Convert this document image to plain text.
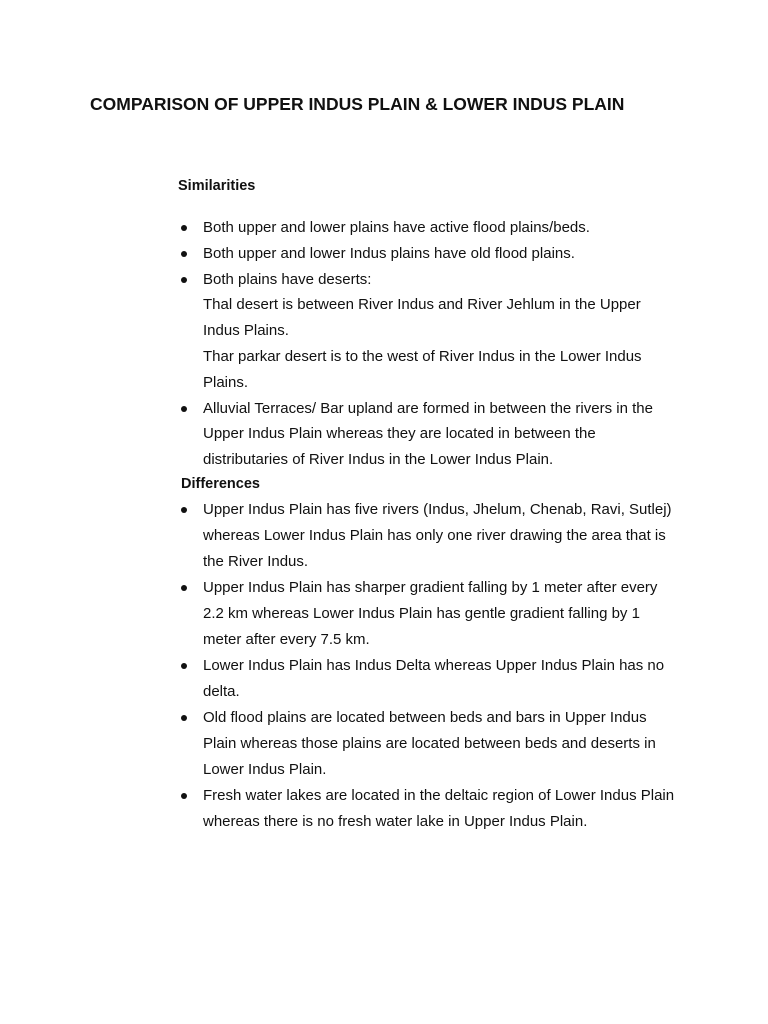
COMPARISON OF UPPER INDUS PLAIN & LOWER INDUS PLAIN
Similarities
Both upper and lower plains have active flood plains/beds.
Both upper and lower Indus plains have old flood plains.
Both plains have deserts:
Thal desert is between River Indus and River Jehlum in the Upper Indus Plains.
Thar parkar desert is to the west of River Indus in the Lower Indus Plains.
Alluvial Terraces/ Bar upland are formed in between the rivers in the Upper Indus Plain whereas they are located in between the distributaries of River Indus in the Lower Indus Plain.
Differences
Upper Indus Plain has five rivers (Indus, Jhelum, Chenab, Ravi, Sutlej) whereas Lower Indus Plain has only one river drawing the area that is the River Indus.
Upper Indus Plain has sharper gradient falling by 1 meter after every 2.2 km whereas Lower Indus Plain has gentle gradient falling by 1 meter after every 7.5 km.
Lower Indus Plain has Indus Delta whereas Upper Indus Plain has no delta.
Old flood plains are located between beds and bars in Upper Indus Plain whereas those plains are located between beds and deserts in Lower Indus Plain.
Fresh water lakes are located in the deltaic region of Lower Indus Plain whereas there is no fresh water lake in Upper Indus Plain.
